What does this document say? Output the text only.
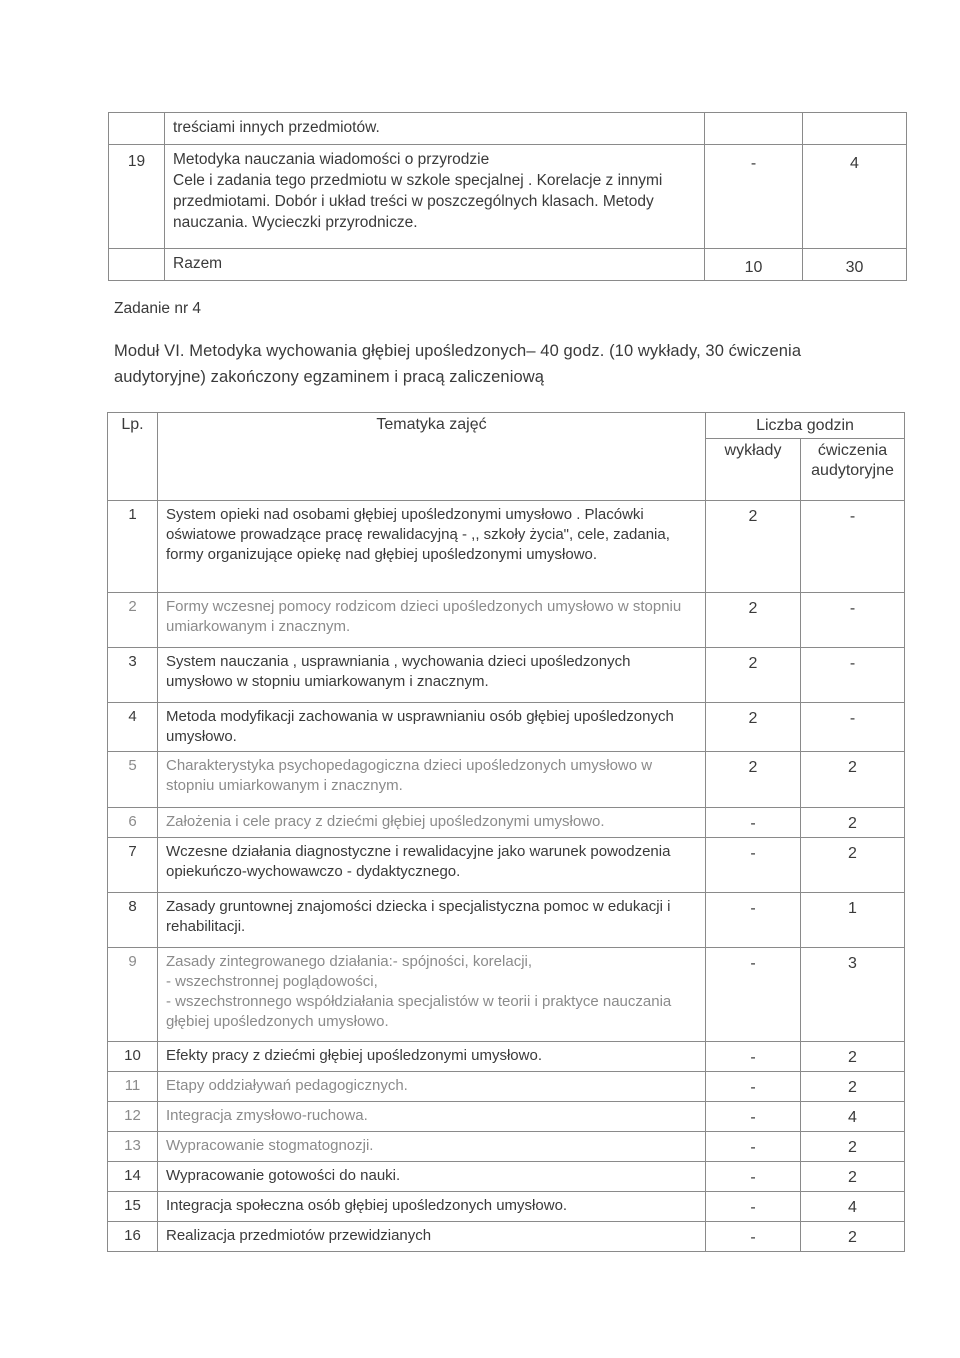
	treściami innych przedmiotów.		
19	Metodyka nauczania wiadomości o przyrodzie
Cele i zadania tego przedmiotu w szkole specjalnej . Korelacje z innymi przedmiotami. Dobór i układ treści w poszczególnych klasach. Metody nauczania. Wycieczki przyrodnicze.	-	4
	Razem	10	30
Zadanie nr 4

Moduł VI. Metodyka wychowania głębiej upośledzonych– 40 godz. (10 wykłady, 30 ćwiczenia audytoryjne) zakończony egzaminem i pracą zaliczeniową

Lp.	Tematyka zajęć	Liczba godzin	
		wykłady	ćwiczenia audytoryjne
1	System opieki nad osobami głębiej upośledzonymi umysłowo . Placówki oświatowe prowadzące pracę rewalidacyjną - ,, szkoły życia", cele, zadania, formy organizujące opiekę nad głębiej upośledzonymi umysłowo.	2	-
2	Formy wczesnej pomocy rodzicom dzieci upośledzonych umysłowo w stopniu umiarkowanym i znacznym.	2	-
3	System nauczania , usprawniania , wychowania dzieci upośledzonych umysłowo w stopniu umiarkowanym i znacznym.	2	-
4	Metoda modyfikacji zachowania w usprawnianiu osób głębiej upośledzonych umysłowo.	2	-
5	Charakterystyka psychopedagogiczna dzieci upośledzonych umysłowo w stopniu umiarkowanym i znacznym.	2	2
6	Założenia i cele pracy z dziećmi głębiej upośledzonymi umysłowo.	-	2
7	Wczesne działania diagnostyczne i rewalidacyjne jako warunek powodzenia opiekuńczo-wychowawczo - dydaktycznego.	-	2
8	Zasady gruntownej znajomości dziecka i specjalistyczna pomoc w edukacji i rehabilitacji.	-	1
9	Zasady zintegrowanego działania:- spójności, korelacji,
- wszechstronnej poglądowości,
- wszechstronnego współdziałania specjalistów w teorii i praktyce nauczania głębiej upośledzonych umysłowo.	-	3
10	Efekty pracy z dziećmi głębiej upośledzonymi umysłowo.	-	2
11	Etapy oddziaływań pedagogicznych.	-	2
12	Integracja zmysłowo-ruchowa.	-	4
13	Wypracowanie stogmatognozji.	-	2
14	Wypracowanie gotowości do nauki.	-	2
15	Integracja społeczna osób głębiej upośledzonych umysłowo.	-	4
16	Realizacja przedmiotów przewidzianych	-	2
